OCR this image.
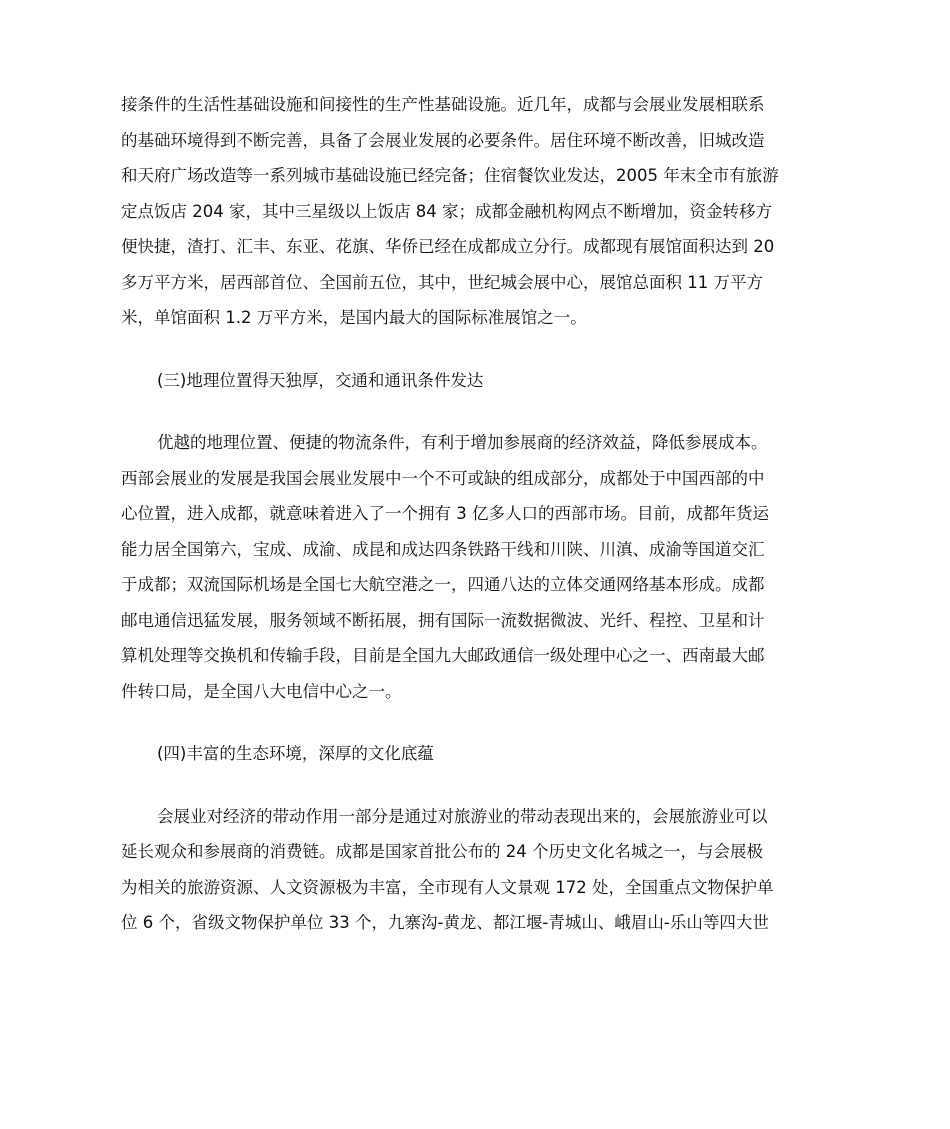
接条件的生活性基础设施和间接性的生产性基础设施。近几年，成都与会展业发展相联系
的基础环境得到不断完善，具备了会展业发展的必要条件。居住环境不断改善，旧城改造
和天府广场改造等一系列城市基础设施已经完备；住宿餐饮业发达，2005 年末全市有旅游
定点饭店 204 家，其中三星级以上饭店 84 家；成都金融机构网点不断增加，资金转移方
便快捷，渣打、汇丰、东亚、花旗、华侨已经在成都成立分行。成都现有展馆面积达到 20
多万平方米，居西部首位、全国前五位，其中，世纪城会展中心，展馆总面积 11 万平方
米，单馆面积 1.2 万平方米，是国内最大的国际标准展馆之一。
(三)地理位置得天独厚，交通和通讯条件发达
优越的地理位置、便捷的物流条件，有利于增加参展商的经济效益，降低参展成本。
西部会展业的发展是我国会展业发展中一个不可或缺的组成部分，成都处于中国西部的中
心位置，进入成都，就意味着进入了一个拥有 3 亿多人口的西部市场。目前，成都年货运
能力居全国第六，宝成、成渝、成昆和成达四条铁路干线和川陕、川滇、成渝等国道交汇
于成都；双流国际机场是全国七大航空港之一，四通八达的立体交通网络基本形成。成都
邮电通信迅猛发展，服务领域不断拓展，拥有国际一流数据微波、光纤、程控、卫星和计
算机处理等交换机和传输手段，目前是全国九大邮政通信一级处理中心之一、西南最大邮
件转口局，是全国八大电信中心之一。
(四)丰富的生态环境，深厚的文化底蕴
会展业对经济的带动作用一部分是通过对旅游业的带动表现出来的，会展旅游业可以
延长观众和参展商的消费链。成都是国家首批公布的 24 个历史文化名城之一，与会展极
为相关的旅游资源、人文资源极为丰富，全市现有人文景观 172 处，全国重点文物保护单
位 6 个，省级文物保护单位 33 个，九寨沟-黄龙、都江堰-青城山、峨眉山-乐山等四大世
